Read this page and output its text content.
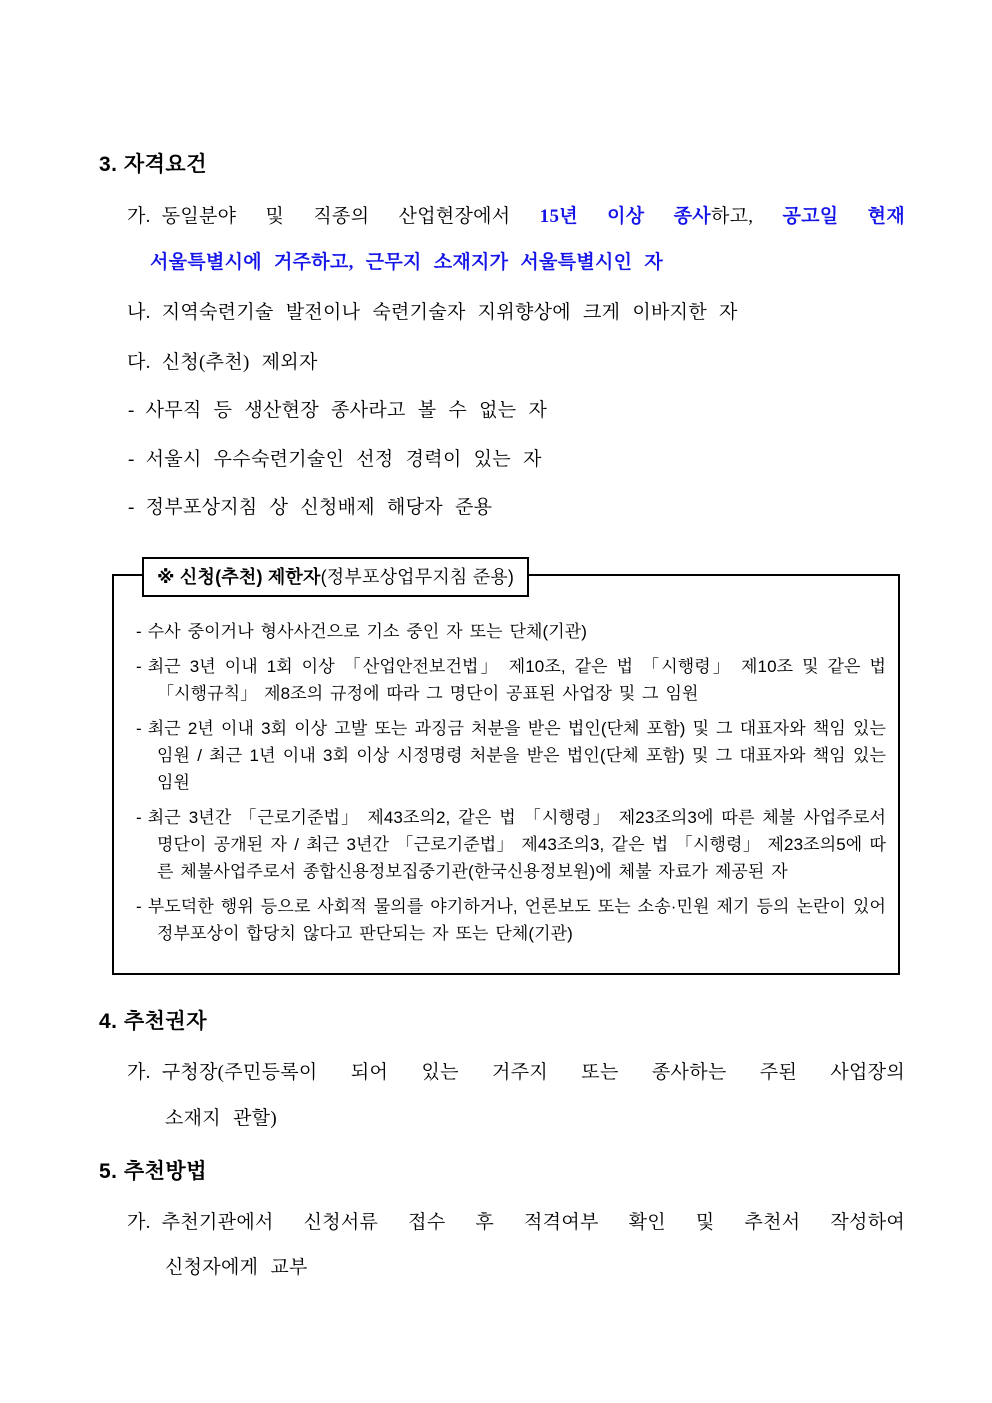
3. 자격요건
가. 동일분야 및 직종의 산업현장에서 15년 이상 종사하고, 공고일 현재
서울특별시에 거주하고, 근무지 소재지가 서울특별시인 자
나. 지역숙련기술 발전이나 숙련기술자 지위향상에 크게 이바지한 자
다. 신청(추천) 제외자
- 사무직 등 생산현장 종사라고 볼 수 없는 자
- 서울시 우수숙련기술인 선정 경력이 있는 자
- 정부포상지침 상 신청배제 해당자 준용
※ 신청(추천) 제한자(정부포상업무지침 준용)
- 수사 중이거나 형사사건으로 기소 중인 자 또는 단체(기관)
- 최근 3년 이내 1회 이상 「산업안전보건법」 제10조, 같은 법 「시행령」 제10조 및 같은 법 「시행규칙」 제8조의 규정에 따라 그 명단이 공표된 사업장 및 그 임원
- 최근 2년 이내 3회 이상 고발 또는 과징금 처분을 받은 법인(단체 포함) 및 그 대표자와 책임 있는 임원 / 최근 1년 이내 3회 이상 시정명령 처분을 받은 법인(단체 포함) 및 그 대표자와 책임 있는 임원
- 최근 3년간 「근로기준법」 제43조의2, 같은 법 「시행령」 제23조의3에 따른 체불 사업주로서 명단이 공개된 자 / 최근 3년간 「근로기준법」 제43조의3, 같은 법 「시행령」 제23조의5에 따른 체불사업주로서 종합신용정보집중기관(한국신용정보원)에 체불 자료가 제공된 자
- 부도덕한 행위 등으로 사회적 물의를 야기하거나, 언론보도 또는 소송·민원 제기 등의 논란이 있어 정부포상이 합당치 않다고 판단되는 자 또는 단체(기관)
4. 추천권자
가. 구청장(주민등록이 되어 있는 거주지 또는 종사하는 주된 사업장의
소재지 관할)
5. 추천방법
가. 추천기관에서 신청서류 접수 후 적격여부 확인 및 추천서 작성하여
신청자에게 교부
